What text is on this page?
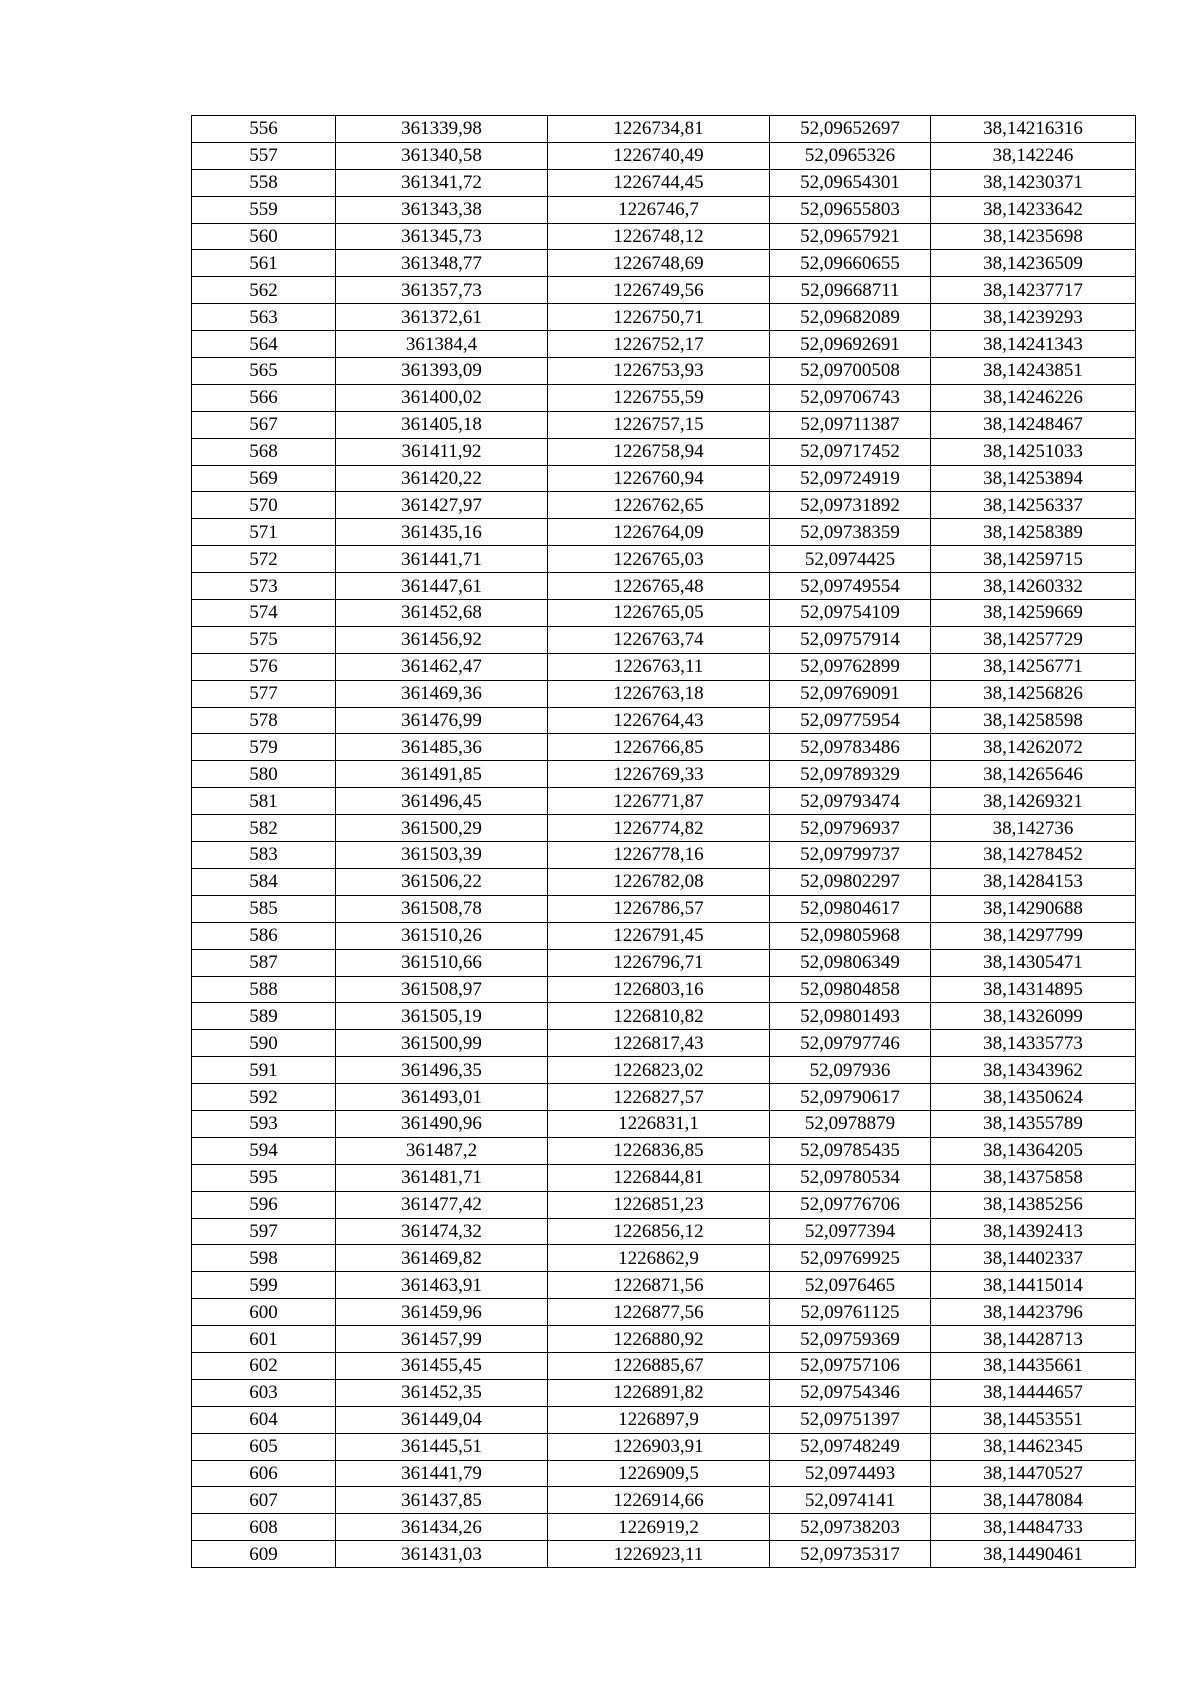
556	361339,98	1226734,81	52,09652697	38,14216316
557	361340,58	1226740,49	52,0965326	38,142246
558	361341,72	1226744,45	52,09654301	38,14230371
559	361343,38	1226746,7	52,09655803	38,14233642
560	361345,73	1226748,12	52,09657921	38,14235698
561	361348,77	1226748,69	52,09660655	38,14236509
562	361357,73	1226749,56	52,09668711	38,14237717
563	361372,61	1226750,71	52,09682089	38,14239293
564	361384,4	1226752,17	52,09692691	38,14241343
565	361393,09	1226753,93	52,09700508	38,14243851
566	361400,02	1226755,59	52,09706743	38,14246226
567	361405,18	1226757,15	52,09711387	38,14248467
568	361411,92	1226758,94	52,09717452	38,14251033
569	361420,22	1226760,94	52,09724919	38,14253894
570	361427,97	1226762,65	52,09731892	38,14256337
571	361435,16	1226764,09	52,09738359	38,14258389
572	361441,71	1226765,03	52,0974425	38,14259715
573	361447,61	1226765,48	52,09749554	38,14260332
574	361452,68	1226765,05	52,09754109	38,14259669
575	361456,92	1226763,74	52,09757914	38,14257729
576	361462,47	1226763,11	52,09762899	38,14256771
577	361469,36	1226763,18	52,09769091	38,14256826
578	361476,99	1226764,43	52,09775954	38,14258598
579	361485,36	1226766,85	52,09783486	38,14262072
580	361491,85	1226769,33	52,09789329	38,14265646
581	361496,45	1226771,87	52,09793474	38,14269321
582	361500,29	1226774,82	52,09796937	38,142736
583	361503,39	1226778,16	52,09799737	38,14278452
584	361506,22	1226782,08	52,09802297	38,14284153
585	361508,78	1226786,57	52,09804617	38,14290688
586	361510,26	1226791,45	52,09805968	38,14297799
587	361510,66	1226796,71	52,09806349	38,14305471
588	361508,97	1226803,16	52,09804858	38,14314895
589	361505,19	1226810,82	52,09801493	38,14326099
590	361500,99	1226817,43	52,09797746	38,14335773
591	361496,35	1226823,02	52,097936	38,14343962
592	361493,01	1226827,57	52,09790617	38,14350624
593	361490,96	1226831,1	52,0978879	38,14355789
594	361487,2	1226836,85	52,09785435	38,14364205
595	361481,71	1226844,81	52,09780534	38,14375858
596	361477,42	1226851,23	52,09776706	38,14385256
597	361474,32	1226856,12	52,0977394	38,14392413
598	361469,82	1226862,9	52,09769925	38,14402337
599	361463,91	1226871,56	52,0976465	38,14415014
600	361459,96	1226877,56	52,09761125	38,14423796
601	361457,99	1226880,92	52,09759369	38,14428713
602	361455,45	1226885,67	52,09757106	38,14435661
603	361452,35	1226891,82	52,09754346	38,14444657
604	361449,04	1226897,9	52,09751397	38,14453551
605	361445,51	1226903,91	52,09748249	38,14462345
606	361441,79	1226909,5	52,0974493	38,14470527
607	361437,85	1226914,66	52,0974141	38,14478084
608	361434,26	1226919,2	52,09738203	38,14484733
609	361431,03	1226923,11	52,09735317	38,14490461
